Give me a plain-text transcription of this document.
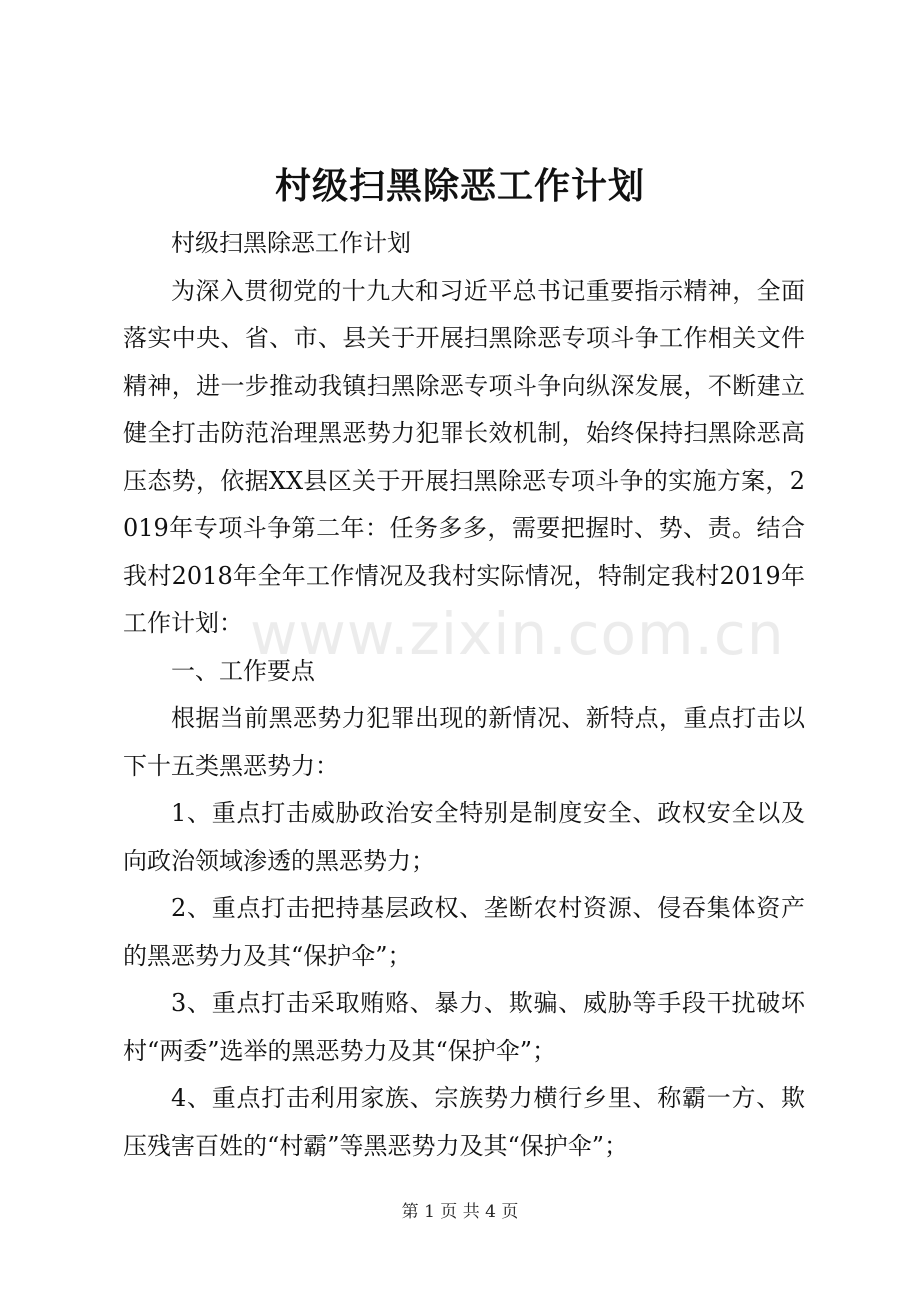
村级扫黑除恶工作计划

村级扫黑除恶工作计划

为深入贯彻党的十九大和习近平总书记重要指示精神，全面落实中央、省、市、县关于开展扫黑除恶专项斗争工作相关文件精神，进一步推动我镇扫黑除恶专项斗争向纵深发展，不断建立健全打击防范治理黑恶势力犯罪长效机制，始终保持扫黑除恶高压态势，依据XX县区关于开展扫黑除恶专项斗争的实施方案，2019年专项斗争第二年：任务多多，需要把握时、势、责。结合我村2018年全年工作情况及我村实际情况，特制定我村2019年工作计划：

一、工作要点

根据当前黑恶势力犯罪出现的新情况、新特点，重点打击以下十五类黑恶势力：

1、重点打击威胁政治安全特别是制度安全、政权安全以及向政治领域渗透的黑恶势力；

2、重点打击把持基层政权、垄断农村资源、侵吞集体资产的黑恶势力及其“保护伞”；

3、重点打击采取贿赂、暴力、欺骗、威胁等手段干扰破坏村“两委”选举的黑恶势力及其“保护伞”；

4、重点打击利用家族、宗族势力横行乡里、称霸一方、欺压残害百姓的“村霸”等黑恶势力及其“保护伞”；

www.zixin.com.cn
第 1 页 共 4 页
